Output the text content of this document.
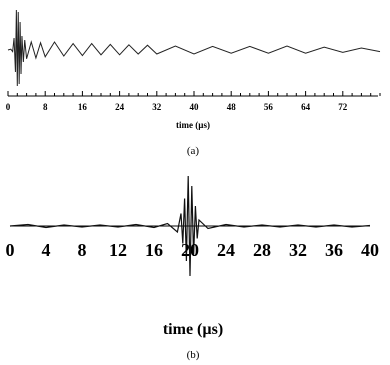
0	8	16	24	32	40	48	56	64	72
time (µs)
(a)
0 4 8 12 16 20 24 28 32 36 40
time (µs)
(b)
